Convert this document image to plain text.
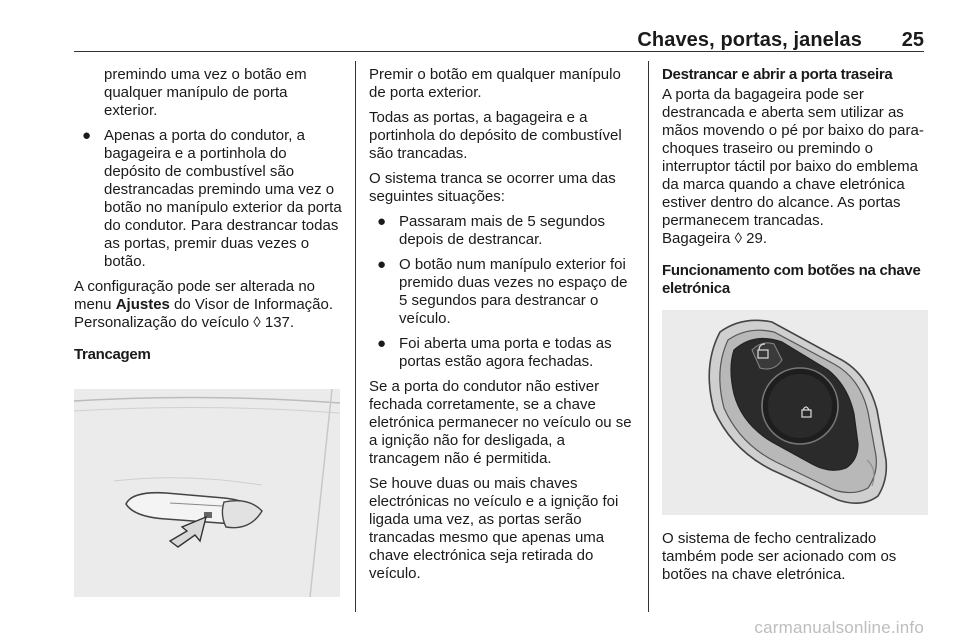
Chaves, portas, janelas 25

premindo uma vez o botão em qualquer manípulo de porta exterior.

● Apenas a porta do condutor, a bagageira e a portinhola do depósito de combustível são destrancadas premindo uma vez o botão no manípulo exterior da porta do condutor. Para destrancar todas as portas, premir duas vezes o botão.

A configuração pode ser alterada no menu Ajustes do Visor de Informação. Personalização do veículo ◊ 137.

Trancagem

Premir o botão em qualquer manípulo de porta exterior.

Todas as portas, a bagageira e a portinhola do depósito de combustível são trancadas.

O sistema tranca se ocorrer uma das seguintes situações:

● Passaram mais de 5 segundos depois de destrancar.
● O botão num manípulo exterior foi premido duas vezes no espaço de 5 segundos para destrancar o veículo.
● Foi aberta uma porta e todas as portas estão agora fechadas.

Se a porta do condutor não estiver fechada corretamente, se a chave eletrónica permanecer no veículo ou se a ignição não for desligada, a trancagem não é permitida.

Se houve duas ou mais chaves electrónicas no veículo e a ignição foi ligada uma vez, as portas serão trancadas mesmo que apenas uma chave electrónica seja retirada do veículo.

Destrancar e abrir a porta traseira

A porta da bagageira pode ser destrancada e aberta sem utilizar as mãos movendo o pé por baixo do para-choques traseiro ou premindo o interruptor táctil por baixo do emblema da marca quando a chave eletrónica estiver dentro do alcance. As portas permanecem trancadas.
Bagageira ◊ 29.

Funcionamento com botões na chave eletrónica

O sistema de fecho centralizado também pode ser acionado com os botões na chave eletrónica.

carmanualsonline.info
